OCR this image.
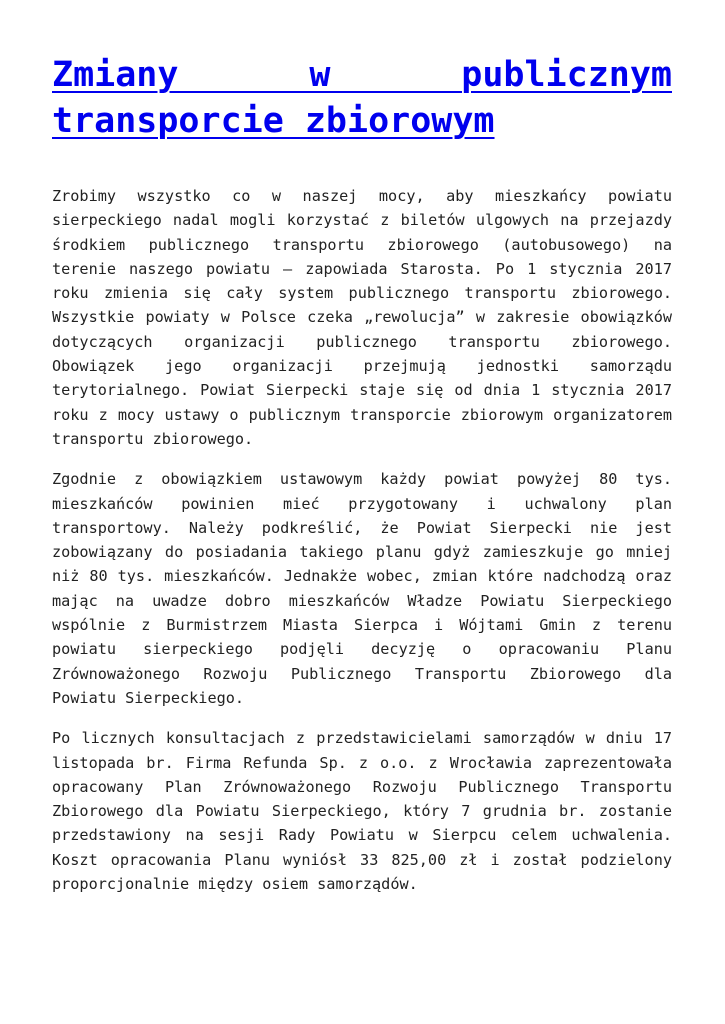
Zmiany w publicznym transporcie zbiorowym

Zrobimy wszystko co w naszej mocy, aby mieszkańcy powiatu sierpeckiego nadal mogli korzystać z biletów ulgowych na przejazdy środkiem publicznego transportu zbiorowego (autobusowego) na terenie naszego powiatu – zapowiada Starosta. Po 1 stycznia 2017 roku zmienia się cały system publicznego transportu zbiorowego. Wszystkie powiaty w Polsce czeka „rewolucja” w zakresie obowiązków dotyczących organizacji publicznego transportu zbiorowego. Obowiązek jego organizacji przejmują jednostki samorządu terytorialnego. Powiat Sierpecki staje się od dnia 1 stycznia 2017 roku z mocy ustawy o publicznym transporcie zbiorowym organizatorem transportu zbiorowego.

Zgodnie z obowiązkiem ustawowym każdy powiat powyżej 80 tys. mieszkańców powinien mieć przygotowany i uchwalony plan transportowy. Należy podkreślić, że Powiat Sierpecki nie jest zobowiązany do posiadania takiego planu gdyż zamieszkuje go mniej niż 80 tys. mieszkańców. Jednakże wobec, zmian które nadchodzą oraz mając na uwadze dobro mieszkańców Władze Powiatu Sierpeckiego wspólnie z Burmistrzem Miasta Sierpca i Wójtami Gmin z terenu powiatu sierpeckiego podjęli decyzję o opracowaniu Planu Zrównoważonego Rozwoju Publicznego Transportu Zbiorowego dla Powiatu Sierpeckiego.

Po licznych konsultacjach z przedstawicielami samorządów w dniu 17 listopada br. Firma Refunda Sp. z o.o. z Wrocławia zaprezentowała opracowany Plan Zrównoważonego Rozwoju Publicznego Transportu Zbiorowego dla Powiatu Sierpeckiego, który 7 grudnia br. zostanie przedstawiony na sesji Rady Powiatu w Sierpcu celem uchwalenia. Koszt opracowania Planu wyniósł 33 825,00 zł i został podzielony proporcjonalnie między osiem samorządów.
